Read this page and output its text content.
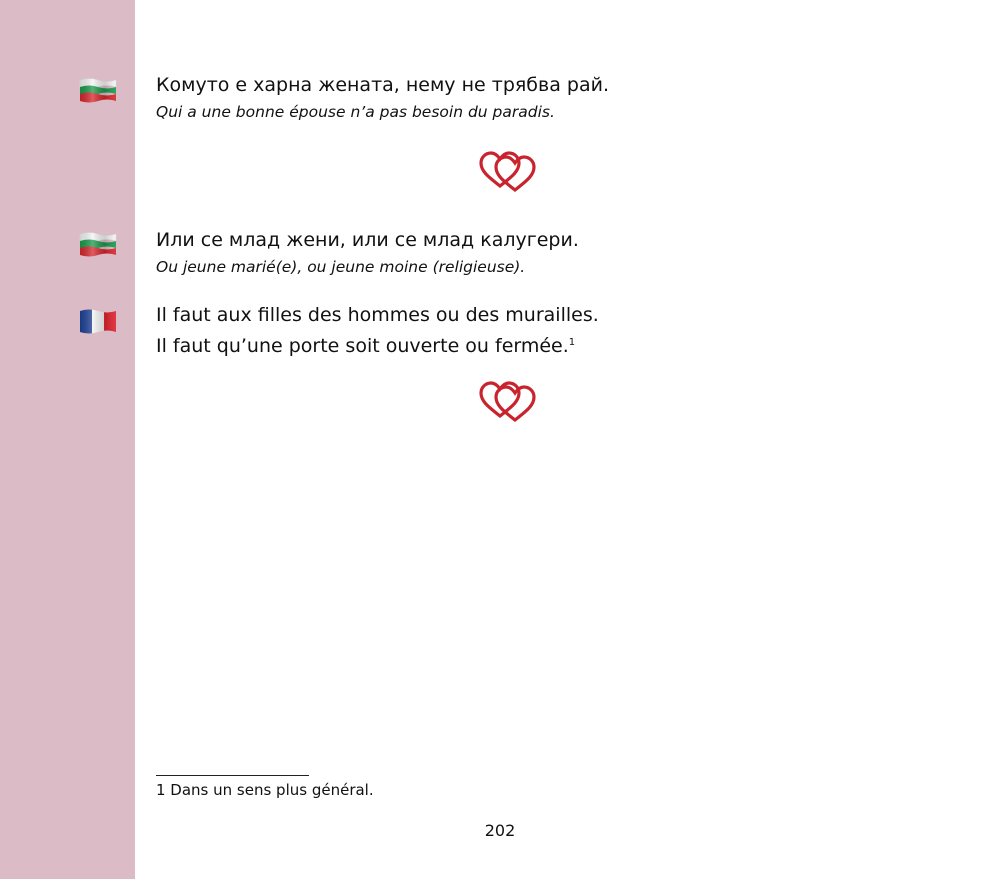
Комуто е харна жената, нему не трябва рай.
Qui a une bonne épouse n’a pas besoin du paradis.
Или се млад жени, или се млад калугери.
Ou jeune marié(e), ou jeune moine (religieuse).
Il faut aux filles des hommes ou des murailles.
Il faut qu’une porte soit ouverte ou fermée.$^1$
1 Dans un sens plus général.
202
